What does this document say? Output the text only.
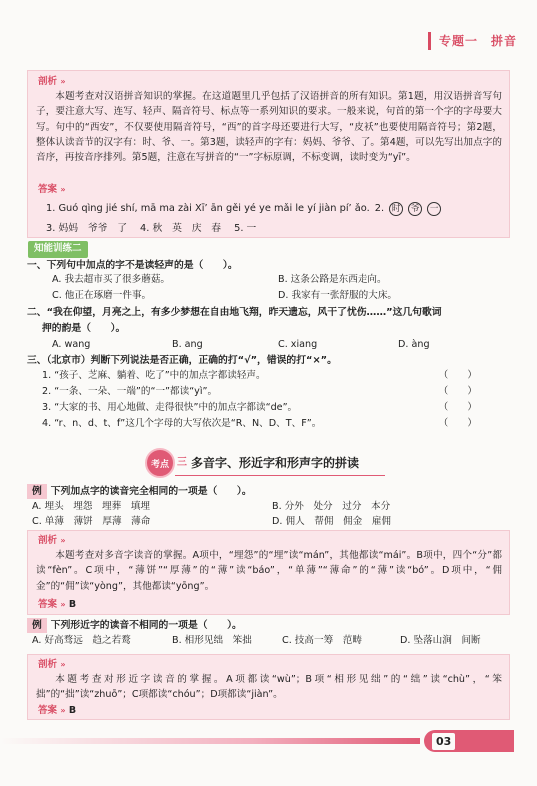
专题一　拼音
剖析 »
本题考查对汉语拼音知识的掌握。在这道题里几乎包括了汉语拼音的所有知识。第1题，用汉语拼音写句子，要注意大写、连写、轻声、隔音符号、标点等一系列知识的要求。一般来说，句首的第一个字的字母要大写。句中的“西安”，不仅要使用隔音符号，“西”的首字母还要进行大写，“皮袄”也要使用隔音符号；第2题，整体认读音节的汉字有：时、爷、一。第3题，读轻声的字有：妈妈、爷爷、了。第4题，可以先写出加点字的音序，再按音序排列。第5题，注意在写拼音的“一”字标原调，不标变调，读时变为“yī”。
答案 »
1. Guó qìng jié shí, mā ma zài Xī’ ān gěi yé ye mǎi le yí jiàn pí’ ǎo. 2. 时	爷	一
3. 妈妈　爷爷　了 4. 秋　英　庆　春 5. 一
知能训练二
一、下列句中加点的字不是读轻声的是（　　）。
A. 我去超市买了很多蘑菇。	B. 这条公路是东西走向。
C. 他正在琢磨一件事。	D. 我家有一张舒服的大床。
二、“我在仰望，月亮之上，有多少梦想在自由地飞翔，昨天遗忘，风干了忧伤……”这几句歌词
押的韵是（　　）。
A. wang	B. ang	C. xiang	D. àng
三、（北京市）判断下列说法是否正确，正确的打“√”，错误的打“×”。
1. “孩子、芝麻、躺着、吃了”中的加点字都读轻声。	（　　）
2. “一条、一朵、一端”的“一”都读“yì”。	（　　）
3. “大家的书、用心地做、走得很快”中的加点字都读“de”。	（　　）
4. “r、n、d、t、f”这几个字母的大写依次是“R、N、D、T、F”。	（　　）
考点 三 多音字、形近字和形声字的拼读
例 下列加点字的读音完全相同的一项是（　　）。
A. 埋头　埋怨　埋葬　填埋	B. 分外　处分　过分　本分
C. 单薄　薄饼　厚薄　薄命	D. 佣人　帮佣　佣金　雇佣
剖析 »
本题考查对多音字读音的掌握。A项中，“埋怨”的“埋”读“mán”，其他都读“mái”。B项中，四个“分”都读“fèn”。C项中，“薄饼”“厚薄”的“薄”读“báo”，“单薄”“薄命”的“薄”读“bó”。D项中，“佣金”的“佣”读“yòng”，其他都读“yōng”。
答案 » B
例 下列形近字的读音不相同的一项是（　　）。
A. 好高骛远　趋之若鹜	B. 相形见绌　笨拙	C. 技高一筹　范畴	D. 坠落山涧　间断
剖析 »
本题考查对形近字读音的掌握。A项都读“wù”；B项“相形见绌”的“绌”读“chù”，“笨拙”的“拙”读“zhuō”；C项都读“chóu”；D项都读“jiàn”。
答案 » B
03
